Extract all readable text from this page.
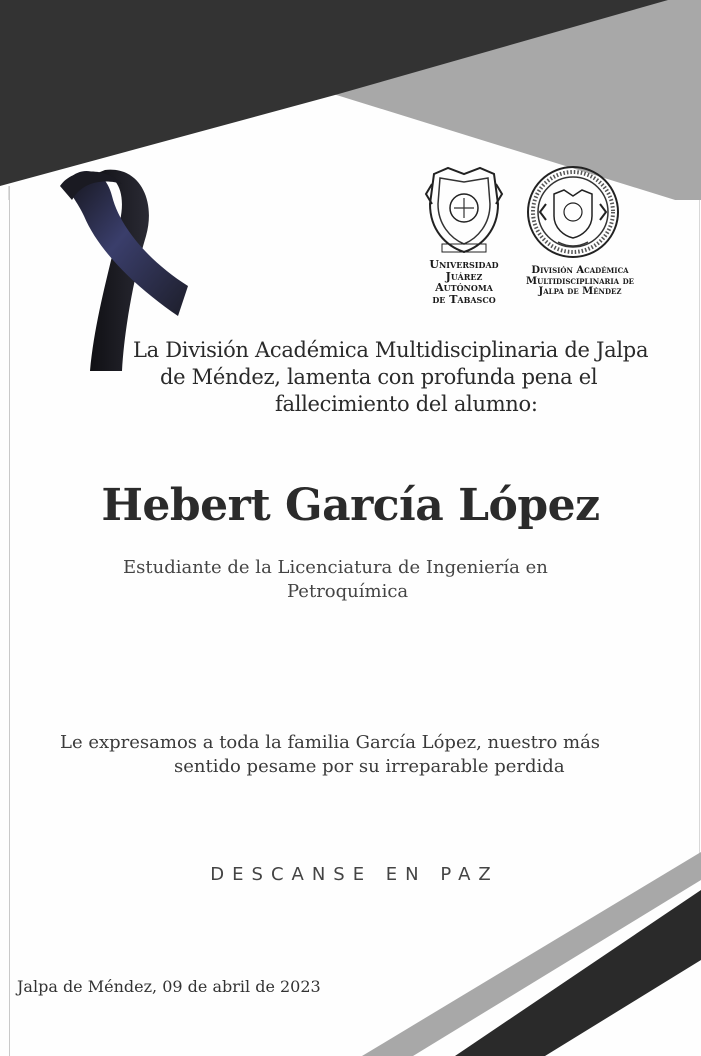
Universidad
Juárez
Autónoma
de Tabasco
División Académica
Multidisciplinaria de
Jalpa de Méndez
La División Académica Multidisciplinaria de Jalpa
de Méndez, lamenta con profunda pena el
fallecimiento del alumno:
Hebert García López
Estudiante de la Licenciatura de Ingeniería en
Petroquímica
Le expresamos a toda la familia García López, nuestro más
sentido pesame por su irreparable perdida
DESCANSE EN PAZ
Jalpa de Méndez, 09 de abril de 2023
